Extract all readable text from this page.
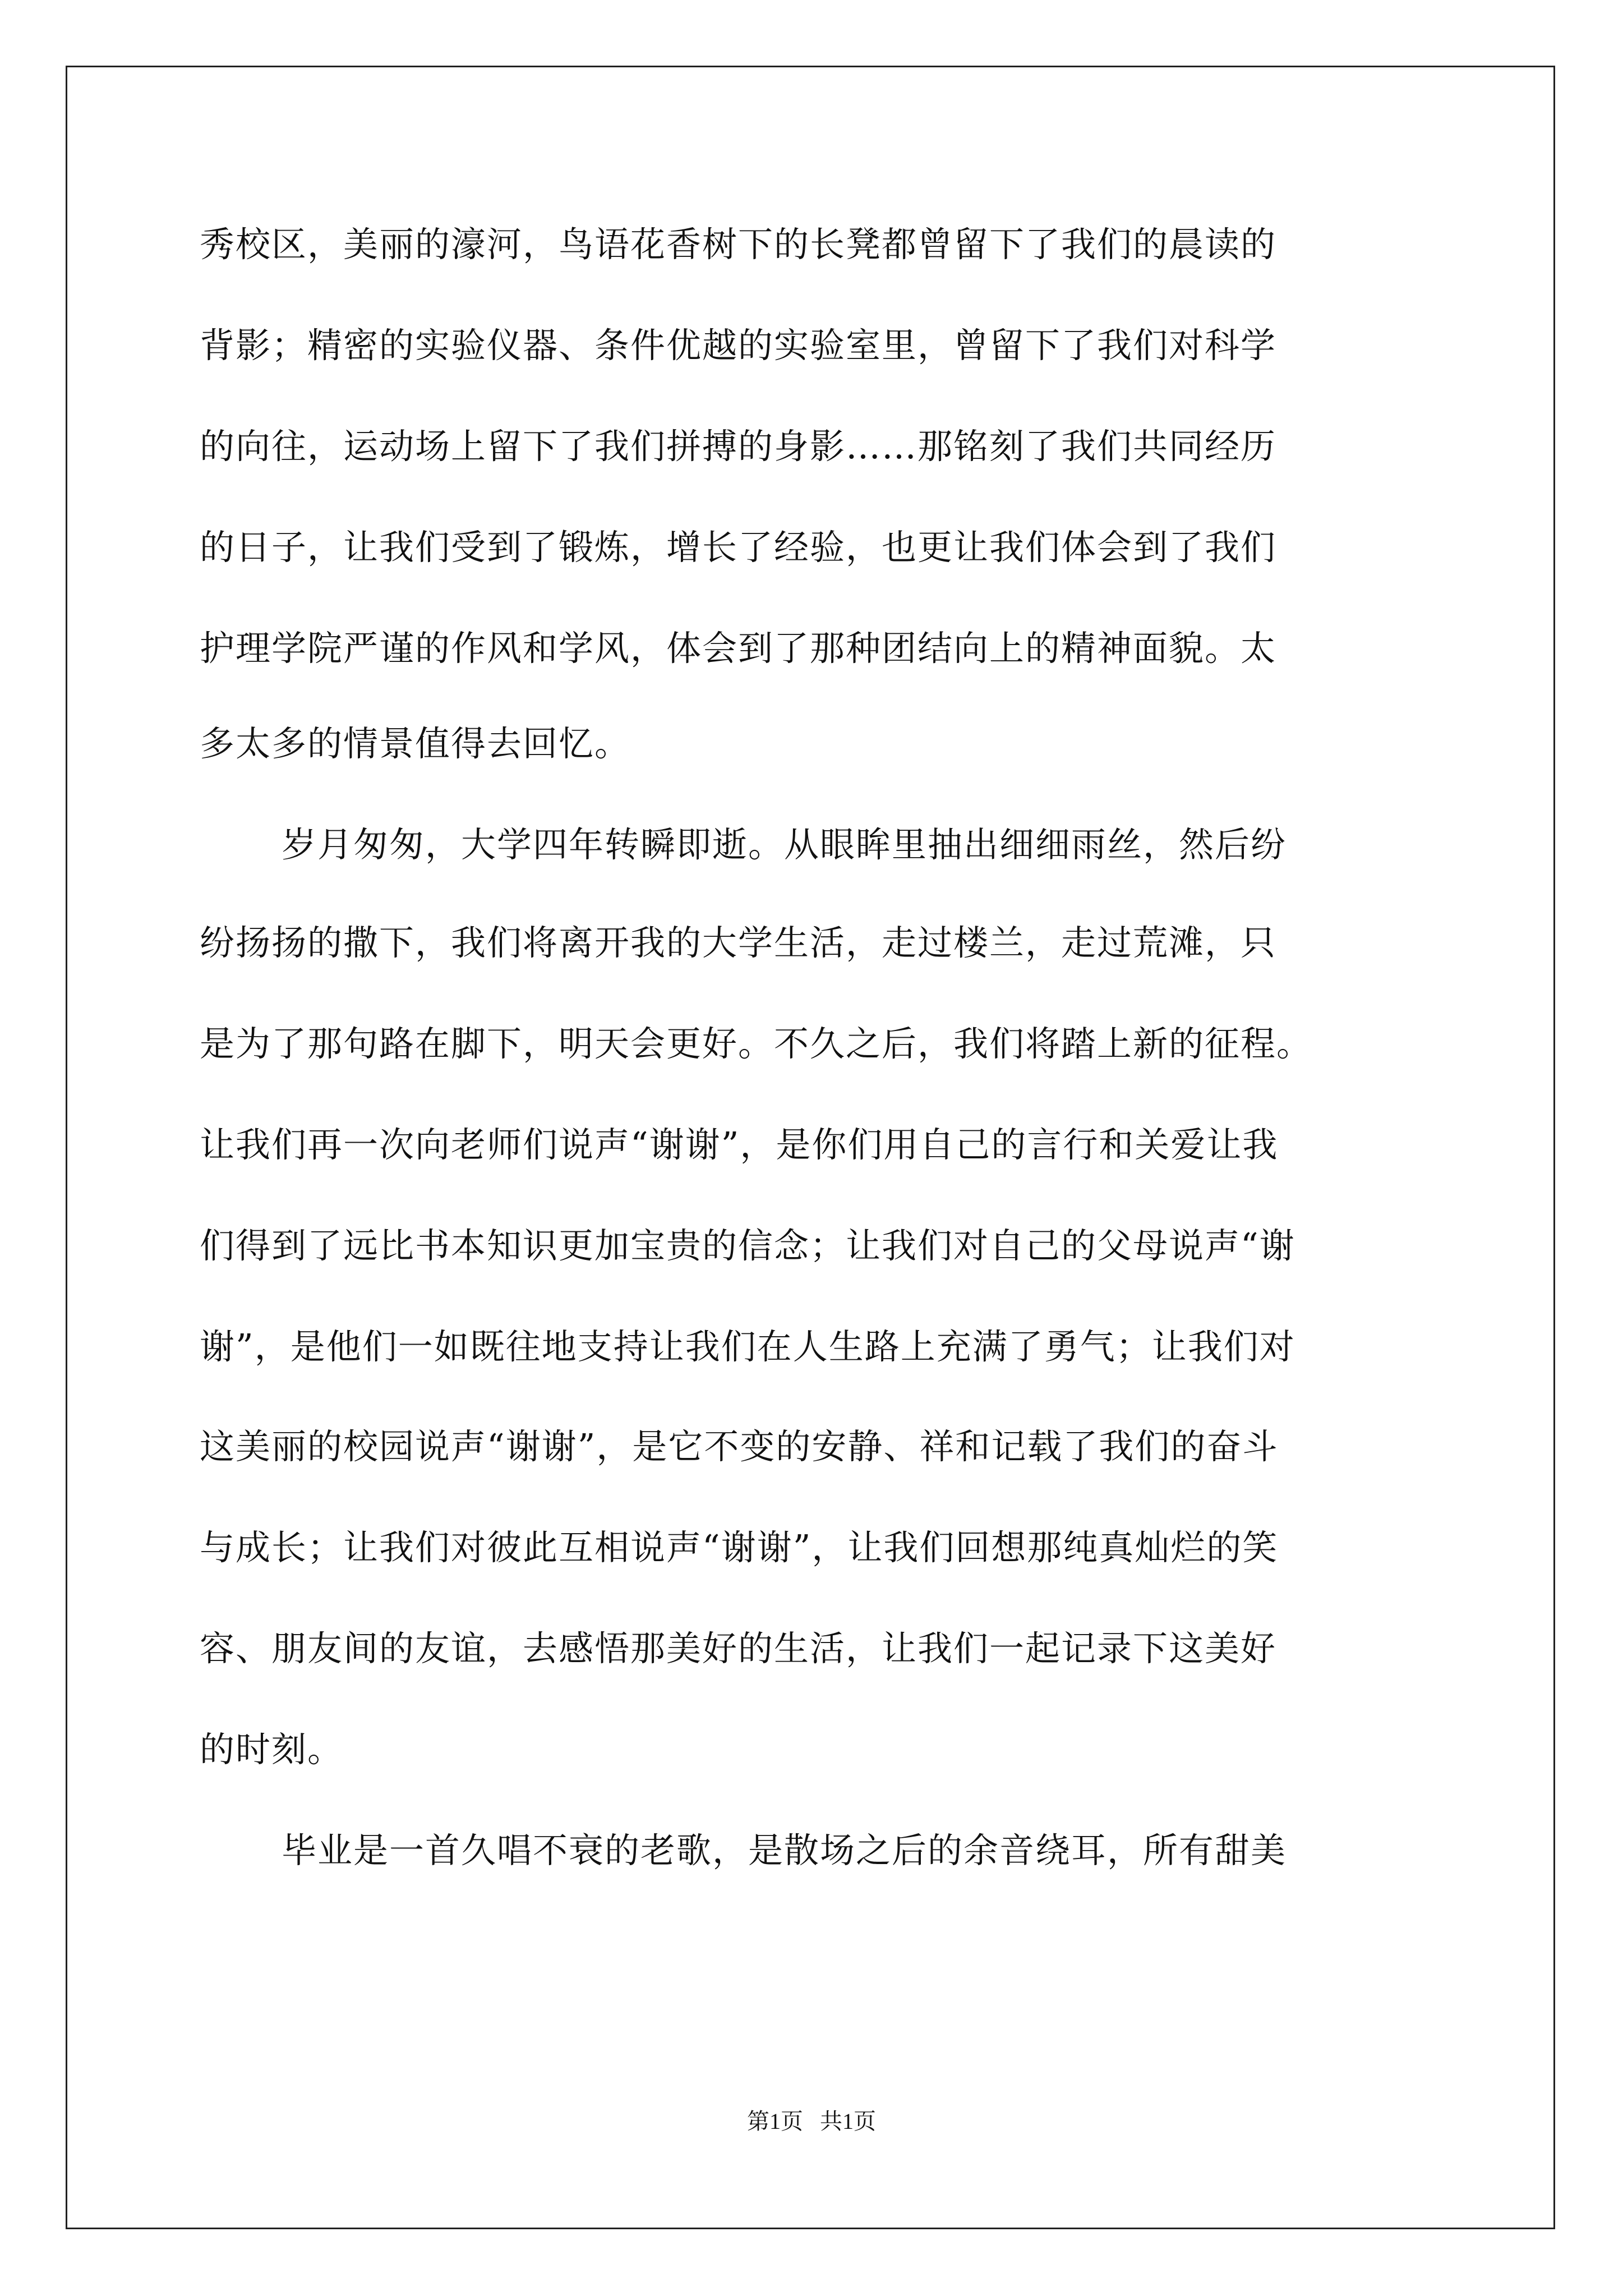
秀校区，美丽的濠河，鸟语花香树下的长凳都曾留下了我们的晨读的
背影；精密的实验仪器、条件优越的实验室里，曾留下了我们对科学
的向往，运动场上留下了我们拼搏的身影……那铭刻了我们共同经历
的日子，让我们受到了锻炼，增长了经验，也更让我们体会到了我们
护理学院严谨的作风和学风，体会到了那种团结向上的精神面貌。太
多太多的情景值得去回忆。
岁月匆匆，大学四年转瞬即逝。从眼眸里抽出细细雨丝，然后纷
纷扬扬的撒下，我们将离开我的大学生活，走过楼兰，走过荒滩，只
是为了那句路在脚下，明天会更好。不久之后，我们将踏上新的征程。
让我们再一次向老师们说声“谢谢”，是你们用自己的言行和关爱让我
们得到了远比书本知识更加宝贵的信念；让我们对自己的父母说声“谢
谢”，是他们一如既往地支持让我们在人生路上充满了勇气；让我们对
这美丽的校园说声“谢谢”，是它不变的安静、祥和记载了我们的奋斗
与成长；让我们对彼此互相说声“谢谢”，让我们回想那纯真灿烂的笑
容、朋友间的友谊，去感悟那美好的生活，让我们一起记录下这美好
的时刻。
毕业是一首久唱不衰的老歌，是散场之后的余音绕耳，所有甜美
第1页   共1页
